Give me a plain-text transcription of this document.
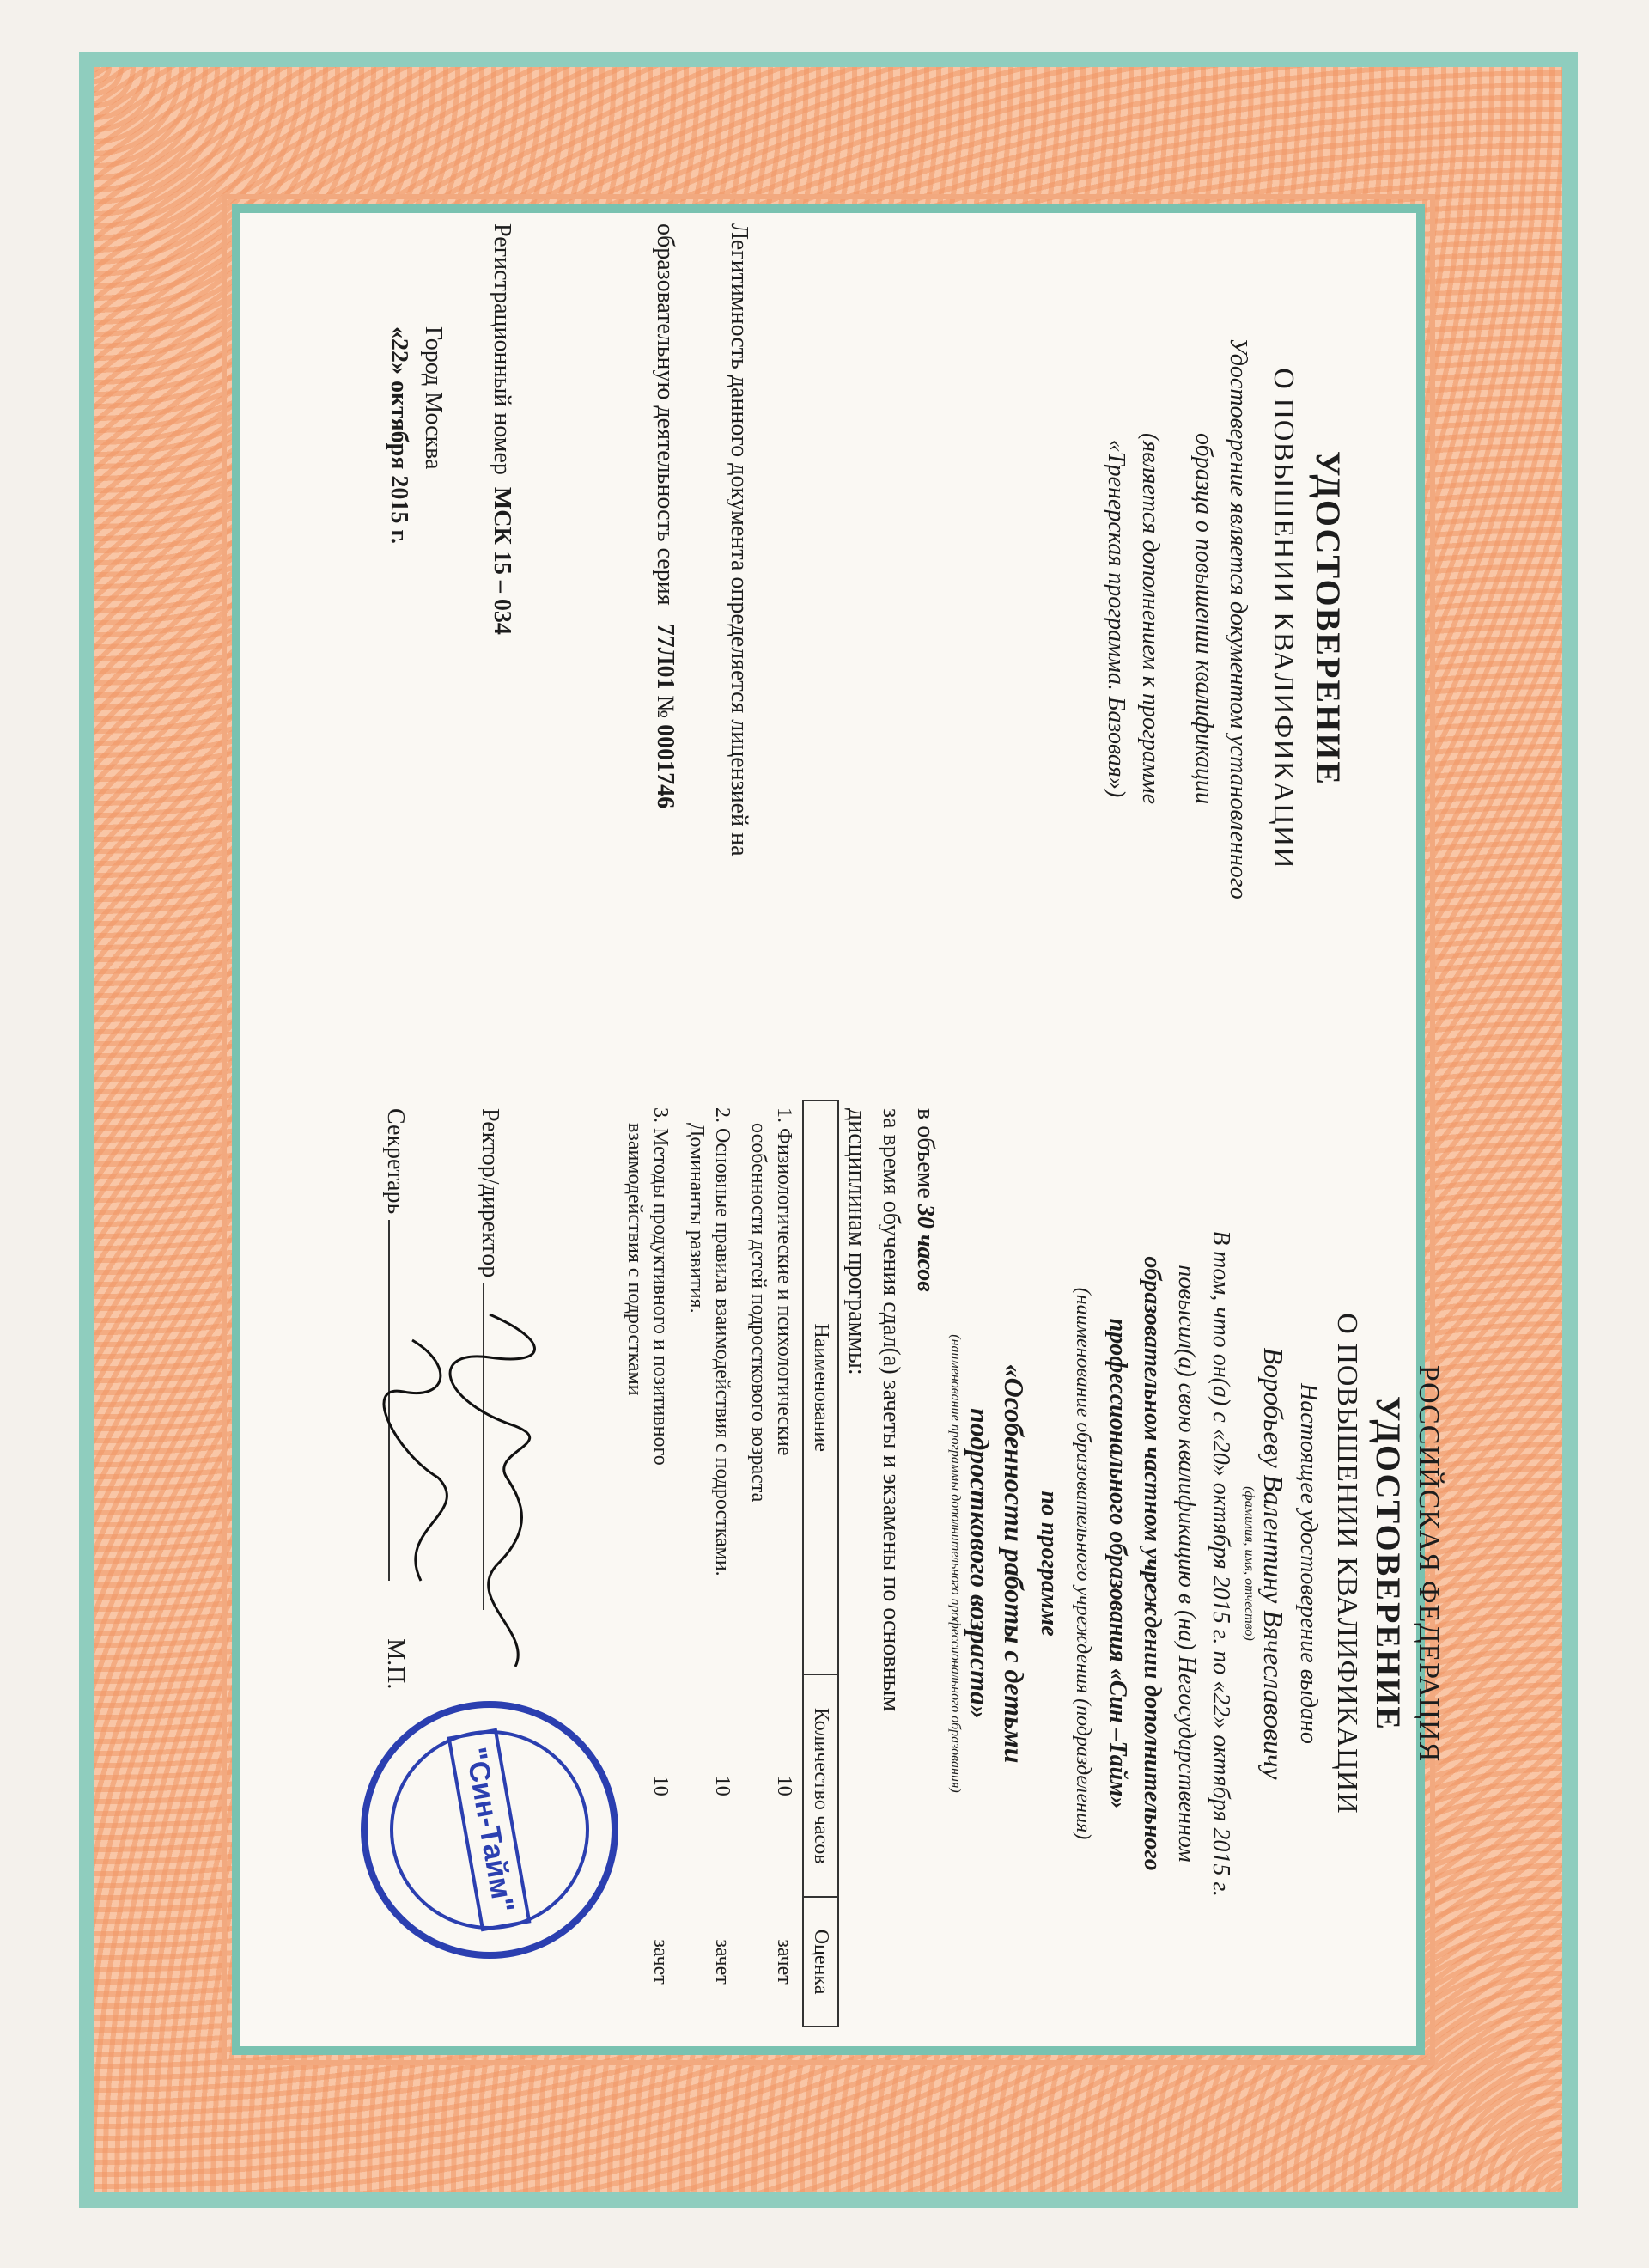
УДОСТОВЕРЕНИЕ
О ПОВЫШЕНИИ КВАЛИФИКАЦИИ
Удостоверение является документом установленного
образца о повышении квалификации
(является дополнением к программе
«Тренерская программа. Базовая»)
Легитимность данного документа определяется лицензией на
образовательную деятельность серия   77Л01 № 0001746
Регистрационный номер  МСК 15 – 034
Город Москва
«22» октября 2015 г.
РОССИЙСКАЯ ФЕДЕРАЦИЯ
УДОСТОВЕРЕНИЕ
О ПОВЫШЕНИИ КВАЛИФИКАЦИИ
Настоящее удостоверение выдано
Воробьеву Валентину Вячеславовичу
(фамилия, имя, отчество)
В том, что он(а) с «20» октября 2015 г. по «22» октября 2015 г.
повысил(а) свою квалификацию в (на) Негосударственном
образовательном частном учреждении дополнительного
профессионального образования «Син –Тайм»
(наименование образовательного учреждения (подразделения)
по программе
«Особенности работы с детьми
подросткового возраста»
(наименование программы дополнительного профессионального образования)
в объеме 30 часов
за время обучения сдал(а) зачеты и экзамены по основным
дисциплинам программы:
Наименование	Количество часов	Оценка
1. Физиологические и психологические
особенности детей подросткового возраста	10	зачет
2. Основные правила взаимодействия с подростками.
Доминанты развития.	10	зачет
3. Методы продуктивного и позитивного
взаимодействия с подростками	10	зачет
Ректор/директор
Секретарь  М.П.
"Син-Тайм"
